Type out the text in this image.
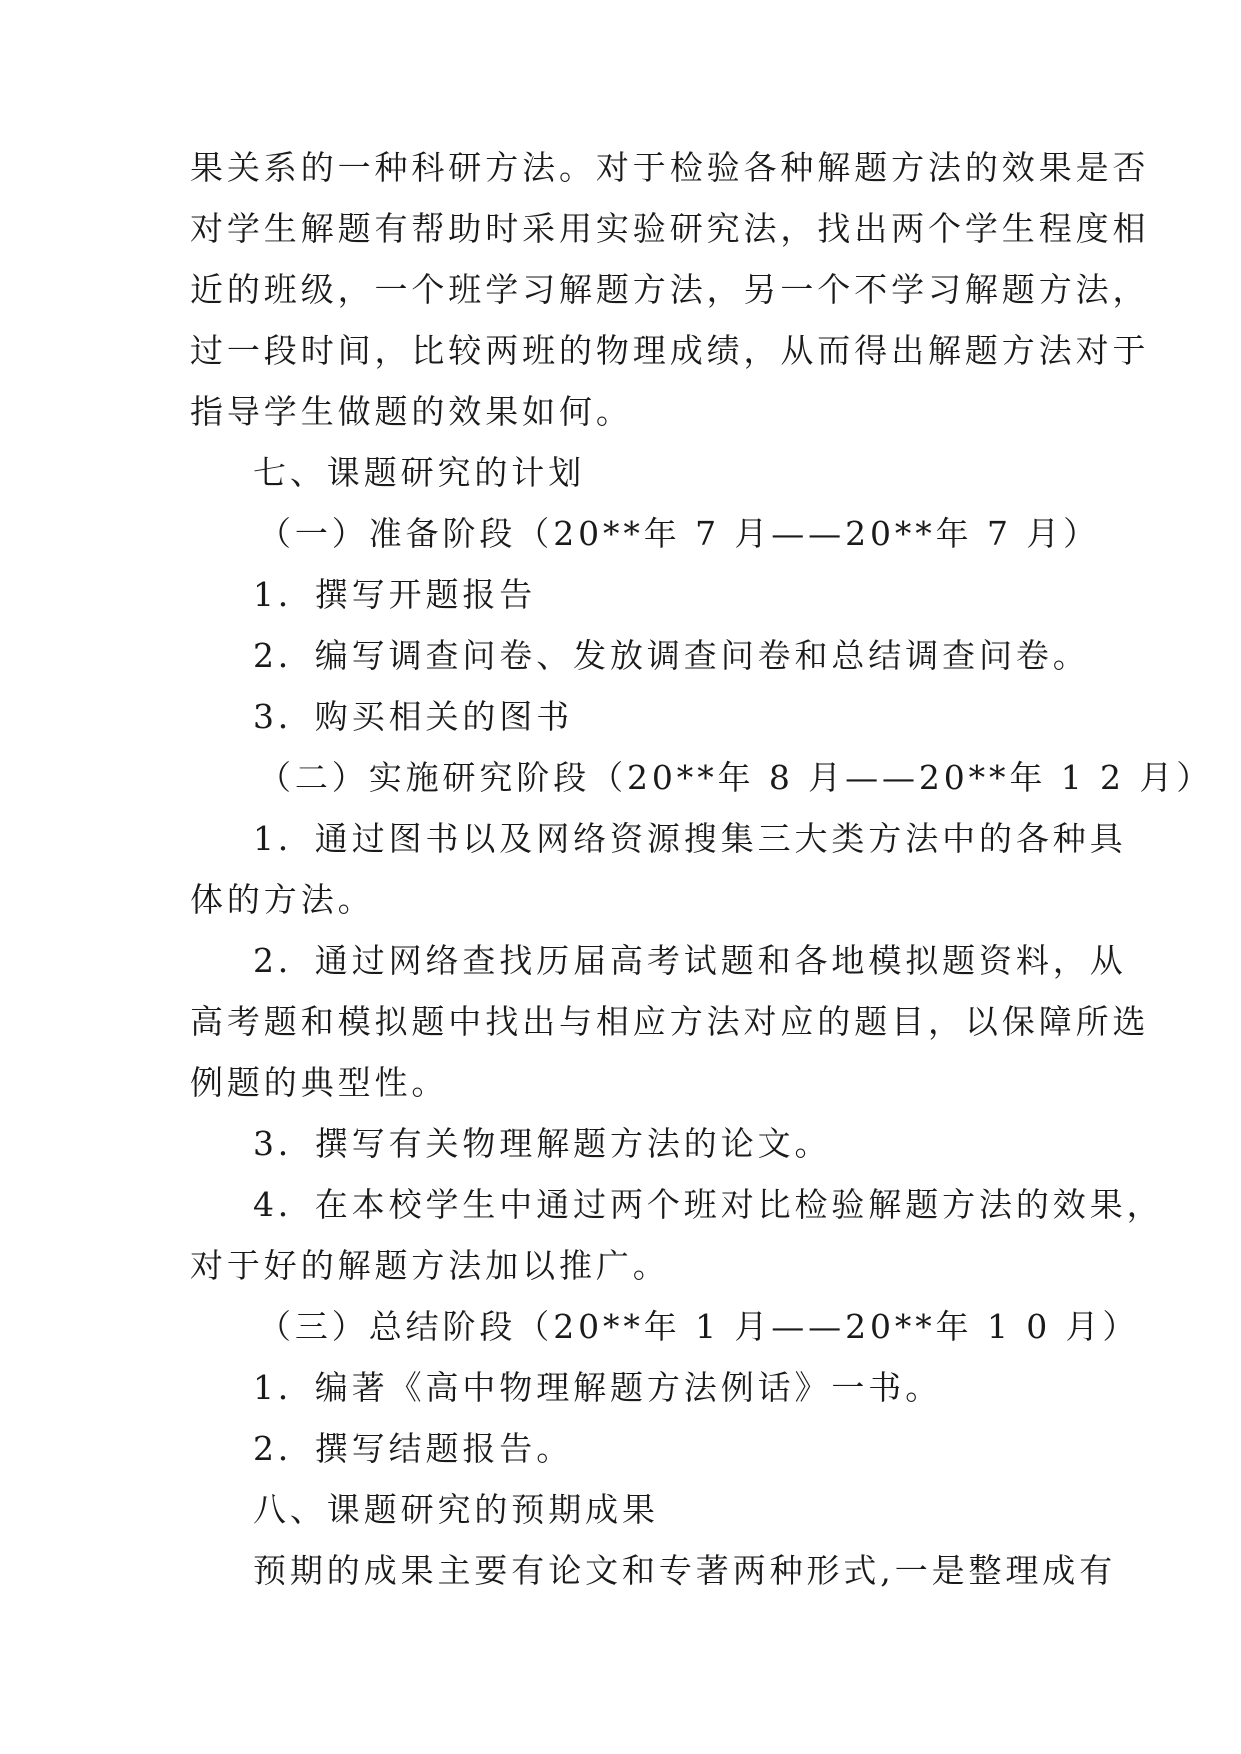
果关系的一种科研方法。对于检验各种解题方法的效果是否
对学生解题有帮助时采用实验研究法，找出两个学生程度相
近的班级，一个班学习解题方法，另一个不学习解题方法，
过一段时间，比较两班的物理成绩，从而得出解题方法对于
指导学生做题的效果如何。
七、课题研究的计划
（一）准备阶段（20**年 7 月——20**年 7 月）
1．撰写开题报告
2．编写调查问卷、发放调查问卷和总结调查问卷。
3．购买相关的图书
（二）实施研究阶段（20**年 8 月——20**年 1 2 月）
1．通过图书以及网络资源搜集三大类方法中的各种具
体的方法。
2．通过网络查找历届高考试题和各地模拟题资料，从
高考题和模拟题中找出与相应方法对应的题目，以保障所选
例题的典型性。
3．撰写有关物理解题方法的论文。
4．在本校学生中通过两个班对比检验解题方法的效果，
对于好的解题方法加以推广。
（三）总结阶段（20**年 1 月——20**年 1 0 月）
1．编著《高中物理解题方法例话》一书。
2．撰写结题报告。
八、课题研究的预期成果
预期的成果主要有论文和专著两种形式,一是整理成有
